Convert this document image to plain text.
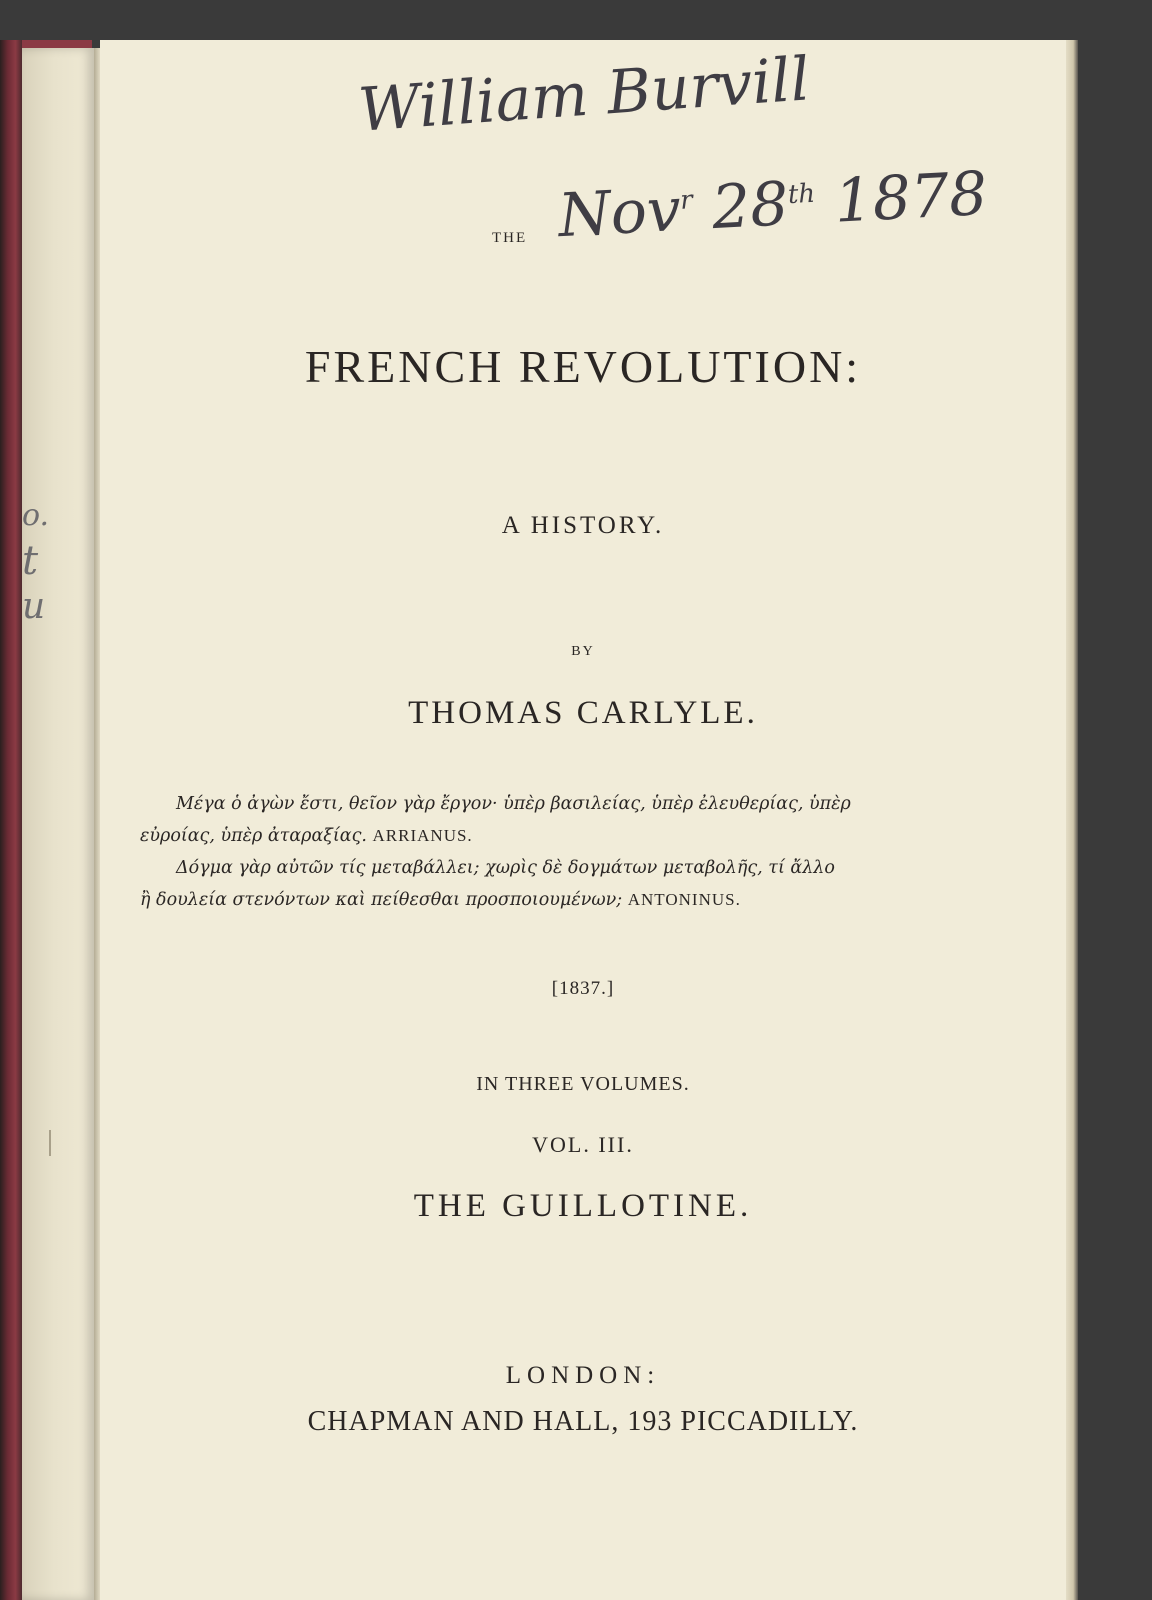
o.
t
u
William Burvill
Nov$^r$ 28th 1878
THE
FRENCH REVOLUTION:
A HISTORY.
BY
THOMAS CARLYLE.
Μέγα ὁ ἀγὼν ἔστι, θεῖον γὰρ ἔργον· ὑπὲρ βασιλείας, ὑπὲρ ἐλευθερίας, ὑπὲρ
εὐροίας, ὑπὲρ ἀταραξίας. ARRIANUS.
Δόγμα γὰρ αὐτῶν τίς μεταβάλλει; χωρὶς δὲ δογμάτων μεταβολῆς, τί ἄλλο
ἢ δουλεία στενόντων καὶ πείθεσθαι προσποιουμένων; ANTONINUS.
[1837.]
IN THREE VOLUMES.
VOL. III.
THE GUILLOTINE.
LONDON:
CHAPMAN AND HALL, 193 PICCADILLY.
